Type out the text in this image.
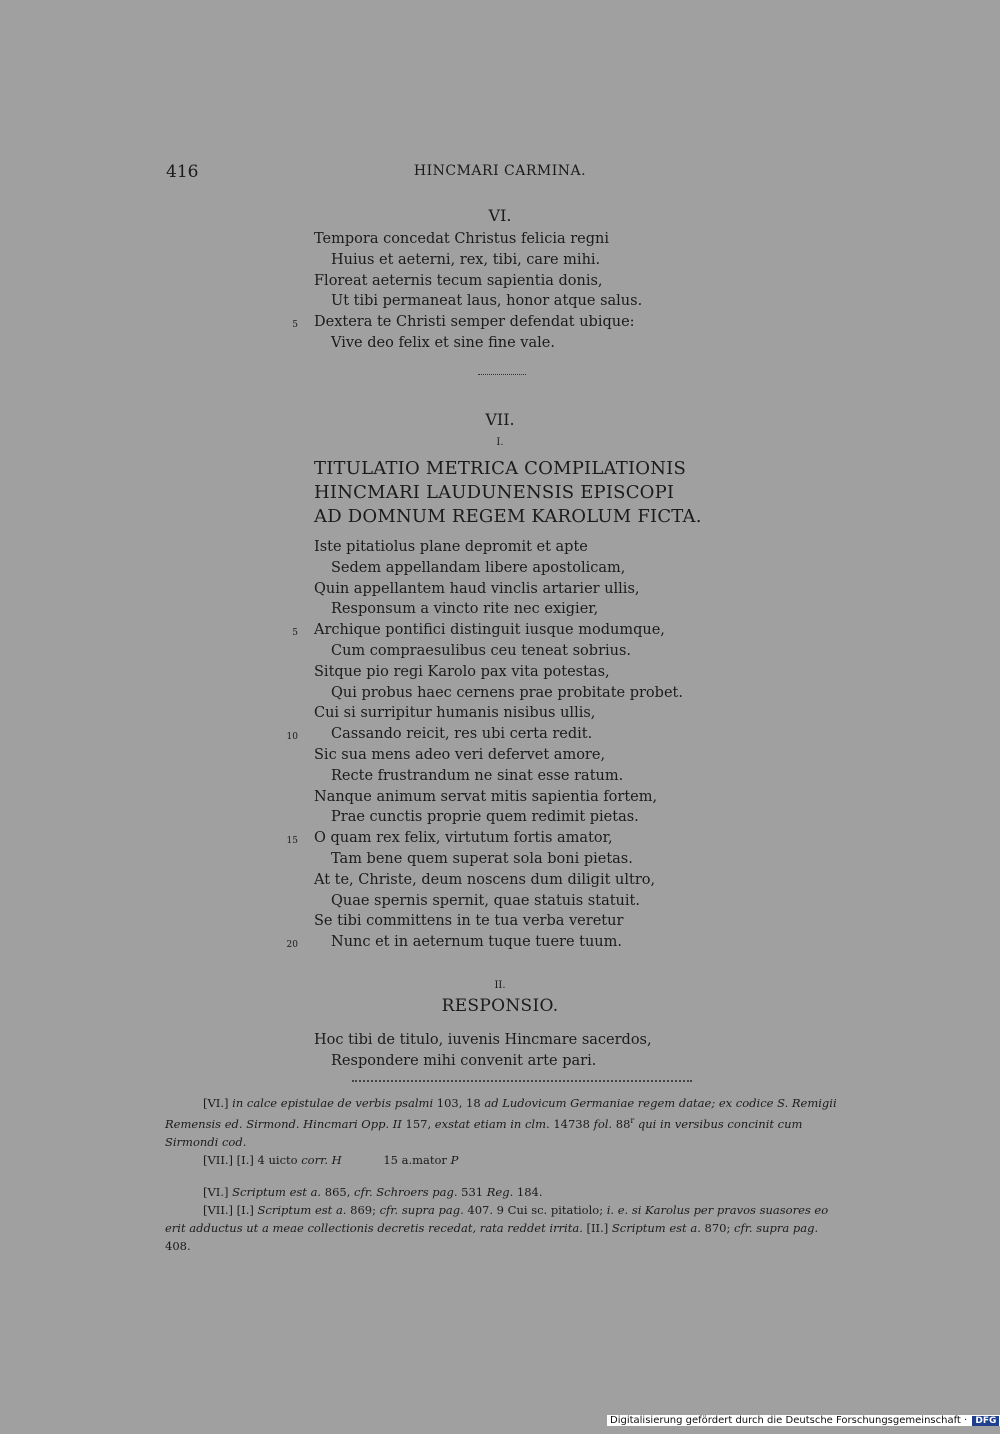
416	HINCMARI CARMINA.
VI.
Tempora concedat Christus felicia regni
Huius et aeterni, rex, tibi, care mihi.
Floreat aeternis tecum sapientia donis,
Ut tibi permaneat laus, honor atque salus.
5 Dextera te Christi semper defendat ubique:
Vive deo felix et sine fine vale.
VII.
I.
TITULATIO METRICA COMPILATIONIS
HINCMARI LAUDUNENSIS EPISCOPI
AD DOMNUM REGEM KAROLUM FICTA.
Iste pitatiolus plane depromit et apte
Sedem appellandam libere apostolicam,
Quin appellantem haud vinclis artarier ullis,
Responsum a vincto rite nec exigier,
5 Archique pontifici distinguit iusque modumque,
Cum compraesulibus ceu teneat sobrius.
Sitque pio regi Karolo pax vita potestas,
Qui probus haec cernens prae probitate probet.
Cui si surripitur humanis nisibus ullis,
10 Cassando reicit, res ubi certa redit.
Sic sua mens adeo veri defervet amore,
Recte frustrandum ne sinat esse ratum.
Nanque animum servat mitis sapientia fortem,
Prae cunctis proprie quem redimit pietas.
15 O quam rex felix, virtutum fortis amator,
Tam bene quem superat sola boni pietas.
At te, Christe, deum noscens dum diligit ultro,
Quae spernis spernit, quae statuis statuit.
Se tibi committens in te tua verba veretur
20 Nunc et in aeternum tuque tuere tuum.
II.
RESPONSIO.
Hoc tibi de titulo, iuvenis Hincmare sacerdos,
Respondere mihi convenit arte pari.

[VI.] in calce epistulae de verbis psalmi 103, 18 ad Ludovicum Germaniae regem datae; ex codice S. Remigii Remensis ed. Sirmond. Hincmari Opp. II 157, exstat etiam in clm. 14738 fol. 88$^r$ qui in versibus concinit cum Sirmondi cod.

[VII.] [I.] 4 uicto corr. H	15 a.mator P

[VI.] Scriptum est a. 865, cfr. Schroers pag. 531 Reg. 184.

[VII.] [I.] Scriptum est a. 869; cfr. supra pag. 407. 9 Cui sc. pitatiolo; i. e. si Karolus per pravos suasores eo erit adductus ut a meae collectionis decretis recedat, rata reddet irrita. [II.] Scriptum est a. 870; cfr. supra pag. 408.

Digitalisierung gefördert durch die Deutsche Forschungsgemeinschaft · DFG
